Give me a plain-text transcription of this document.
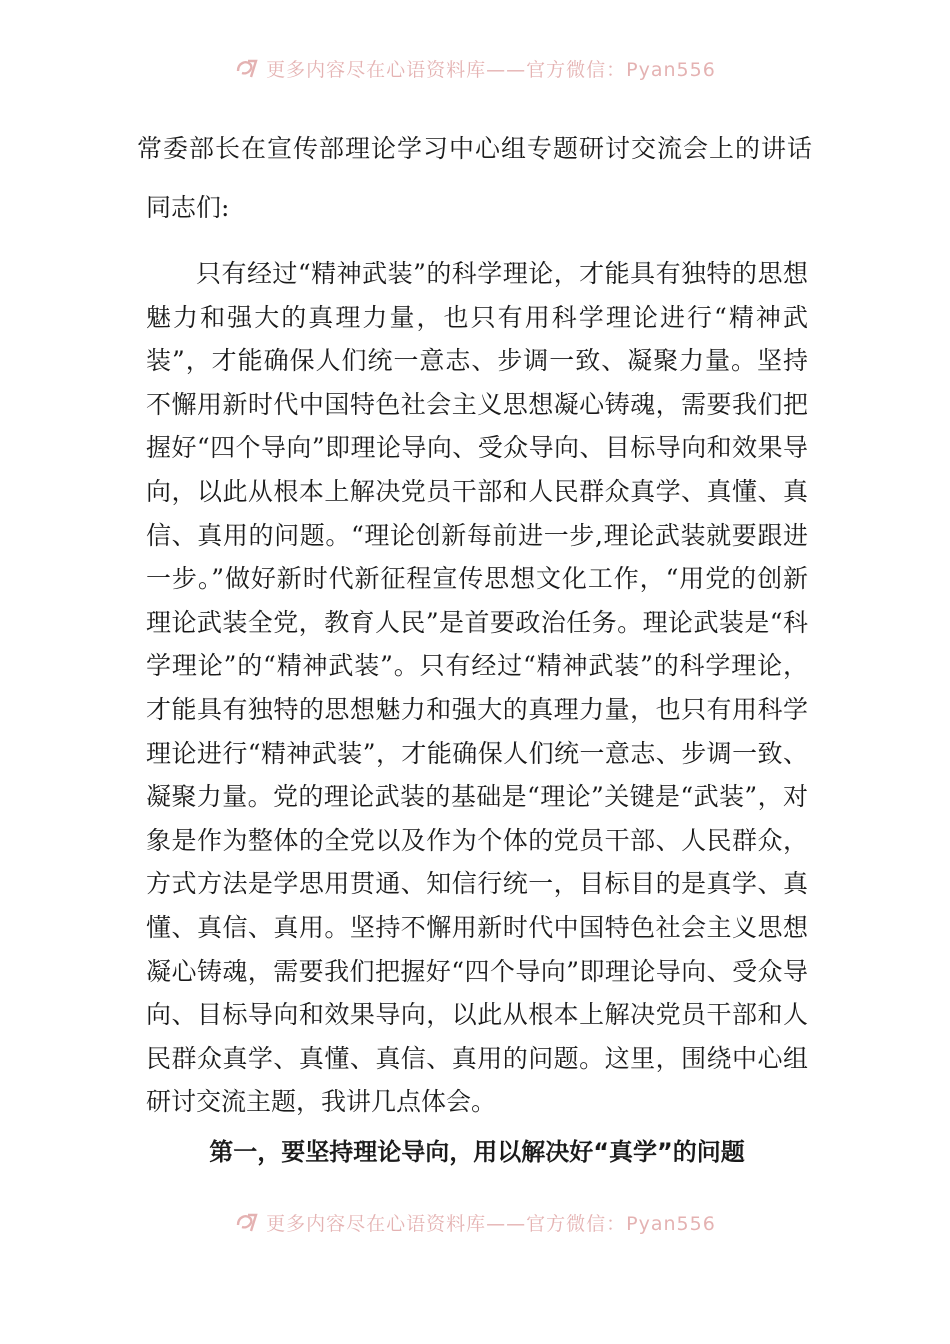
更多内容尽在心语资料库——官方微信：Pyan556
常委部长在宣传部理论学习中心组专题研讨交流会上的讲话
同志们:

只有经过“精神武装”的科学理论，才能具有独特的思想魅力和强大的真理力量，也只有用科学理论进行“精神武装”，才能确保人们统一意志、步调一致、凝聚力量。坚持不懈用新时代中国特色社会主义思想凝心铸魂，需要我们把握好“四个导向”即理论导向、受众导向、目标导向和效果导向，以此从根本上解决党员干部和人民群众真学、真懂、真信、真用的问题。“理论创新每前进一步,理论武装就要跟进一步。”做好新时代新征程宣传思想文化工作，“用党的创新理论武装全党，教育人民”是首要政治任务。理论武装是“科学理论”的“精神武装”。只有经过“精神武装”的科学理论，才能具有独特的思想魅力和强大的真理力量，也只有用科学理论进行“精神武装”，才能确保人们统一意志、步调一致、凝聚力量。党的理论武装的基础是“理论”关键是“武装”，对象是作为整体的全党以及作为个体的党员干部、人民群众，方式方法是学思用贯通、知信行统一，目标目的是真学、真懂、真信、真用。坚持不懈用新时代中国特色社会主义思想凝心铸魂，需要我们把握好“四个导向”即理论导向、受众导向、目标导向和效果导向，以此从根本上解决党员干部和人民群众真学、真懂、真信、真用的问题。这里，围绕中心组研讨交流主题，我讲几点体会。

第一，要坚持理论导向，用以解决好“真学”的问题
更多内容尽在心语资料库——官方微信：Pyan556
